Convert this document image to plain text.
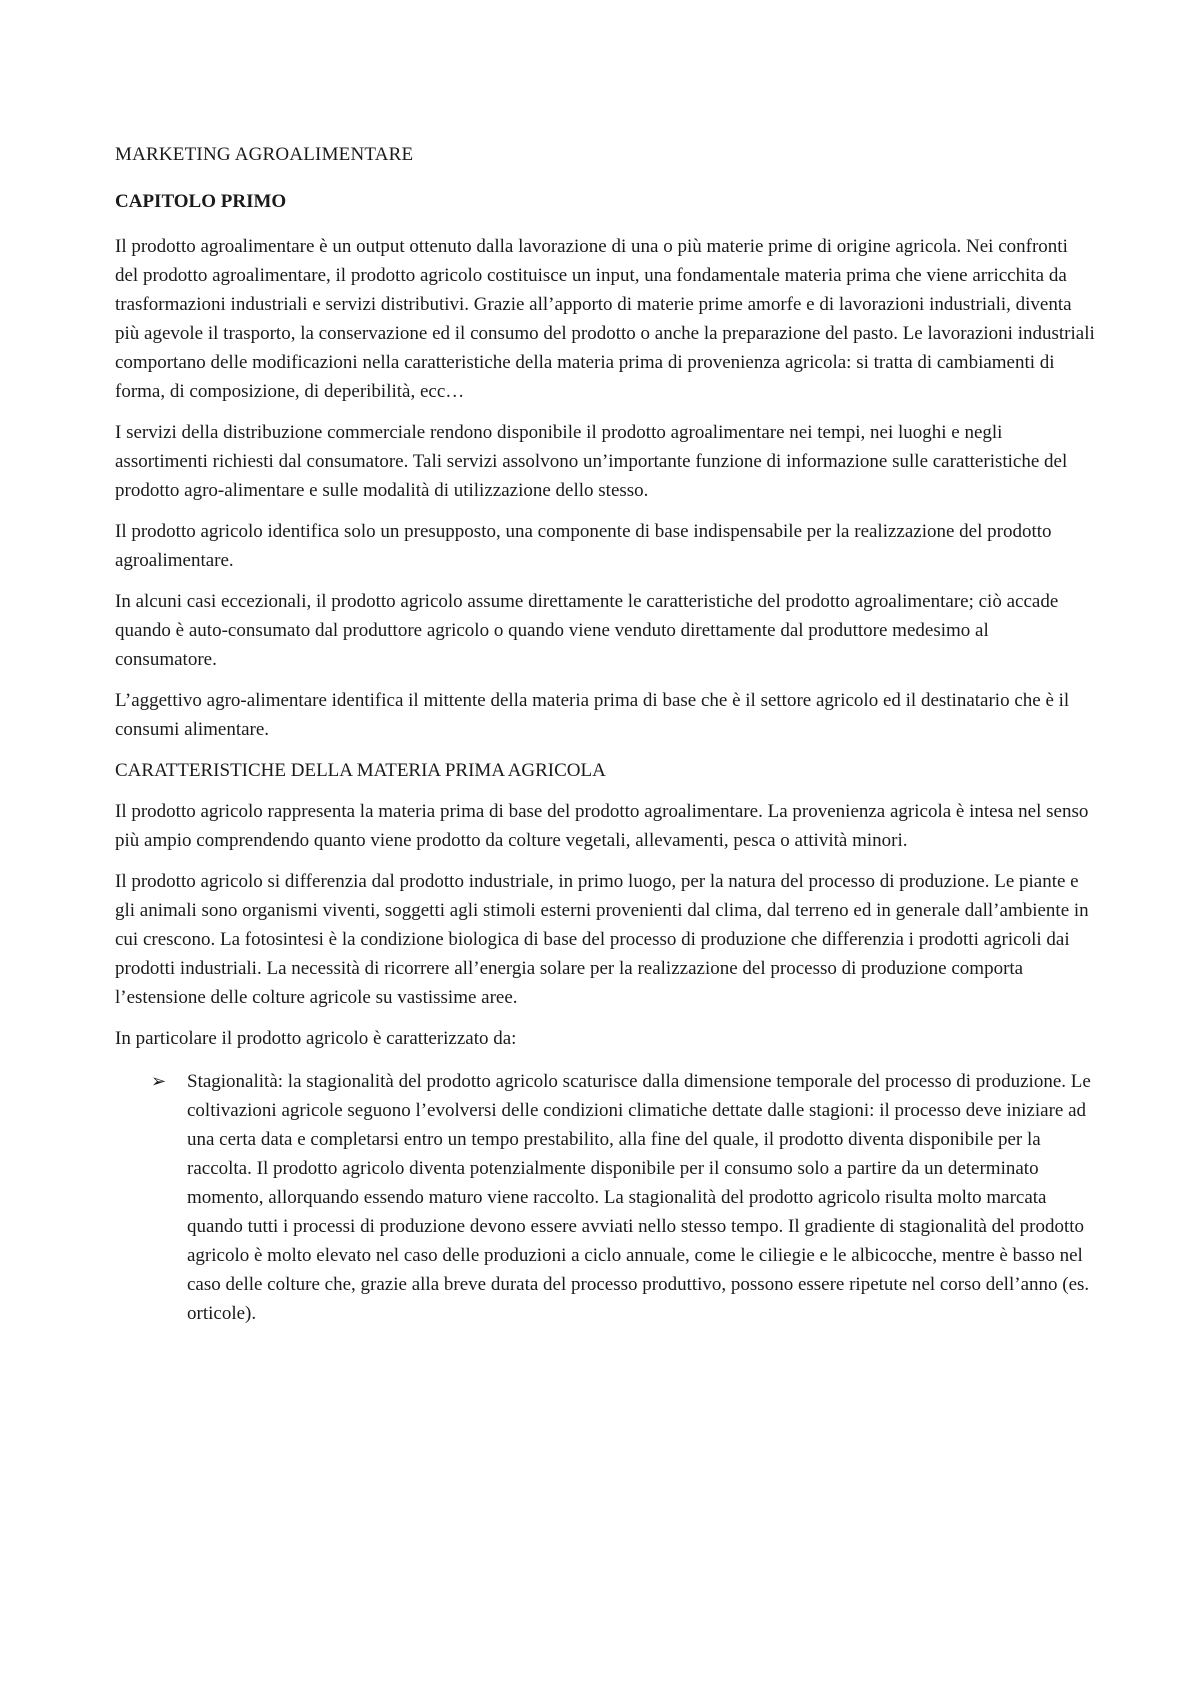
MARKETING AGROALIMENTARE
CAPITOLO PRIMO

Il prodotto agroalimentare è un output ottenuto dalla lavorazione di una o più materie prime di origine agricola. Nei confronti del prodotto agroalimentare, il prodotto agricolo costituisce un input, una fondamentale materia prima che viene arricchita da trasformazioni industriali e servizi distributivi. Grazie all’apporto di materie prime amorfe e di lavorazioni industriali, diventa più agevole il trasporto, la conservazione ed il consumo del prodotto o anche la preparazione del pasto. Le lavorazioni industriali comportano delle modificazioni nella caratteristiche della materia prima di provenienza agricola: si tratta di cambiamenti di forma, di composizione, di deperibilità, ecc…

I servizi della distribuzione commerciale rendono disponibile il prodotto agroalimentare nei tempi, nei luoghi e negli assortimenti richiesti dal consumatore. Tali servizi assolvono un’importante funzione di informazione sulle caratteristiche del prodotto agro-alimentare e sulle modalità di utilizzazione dello stesso.

Il prodotto agricolo identifica solo un presupposto, una componente di base indispensabile per la realizzazione del prodotto agroalimentare.

In alcuni casi eccezionali, il prodotto agricolo assume direttamente le caratteristiche del prodotto agroalimentare; ciò accade quando è auto-consumato dal produttore agricolo o quando viene venduto direttamente dal produttore medesimo al consumatore.

L’aggettivo agro-alimentare identifica il mittente della materia prima di base che è il settore agricolo ed il destinatario che è il consumi alimentare.

CARATTERISTICHE DELLA MATERIA PRIMA AGRICOLA

Il prodotto agricolo rappresenta la materia prima di base del prodotto agroalimentare. La provenienza agricola è intesa nel senso più ampio comprendendo quanto viene prodotto da colture vegetali, allevamenti, pesca o attività minori.

Il prodotto agricolo si differenzia dal prodotto industriale, in primo luogo, per la natura del processo di produzione. Le piante e gli animali sono organismi viventi, soggetti agli stimoli esterni provenienti dal clima, dal terreno ed in generale dall’ambiente in cui crescono. La fotosintesi è la condizione biologica di base del processo di produzione che differenzia i prodotti agricoli dai prodotti industriali. La necessità di ricorrere all’energia solare per la realizzazione del processo di produzione comporta l’estensione delle colture agricole su vastissime aree.

In particolare il prodotto agricolo è caratterizzato da:

➢ Stagionalità: la stagionalità del prodotto agricolo scaturisce dalla dimensione temporale del processo di produzione. Le coltivazioni agricole seguono l’evolversi delle condizioni climatiche dettate dalle stagioni: il processo deve iniziare ad una certa data e completarsi entro un tempo prestabilito, alla fine del quale, il prodotto diventa disponibile per la raccolta. Il prodotto agricolo diventa potenzialmente disponibile per il consumo solo a partire da un determinato momento, allorquando essendo maturo viene raccolto. La stagionalità del prodotto agricolo risulta molto marcata quando tutti i processi di produzione devono essere avviati nello stesso tempo. Il gradiente di stagionalità del prodotto agricolo è molto elevato nel caso delle produzioni a ciclo annuale, come le ciliegie e le albicocche, mentre è basso nel caso delle colture che, grazie alla breve durata del processo produttivo, possono essere ripetute nel corso dell’anno (es. orticole).
